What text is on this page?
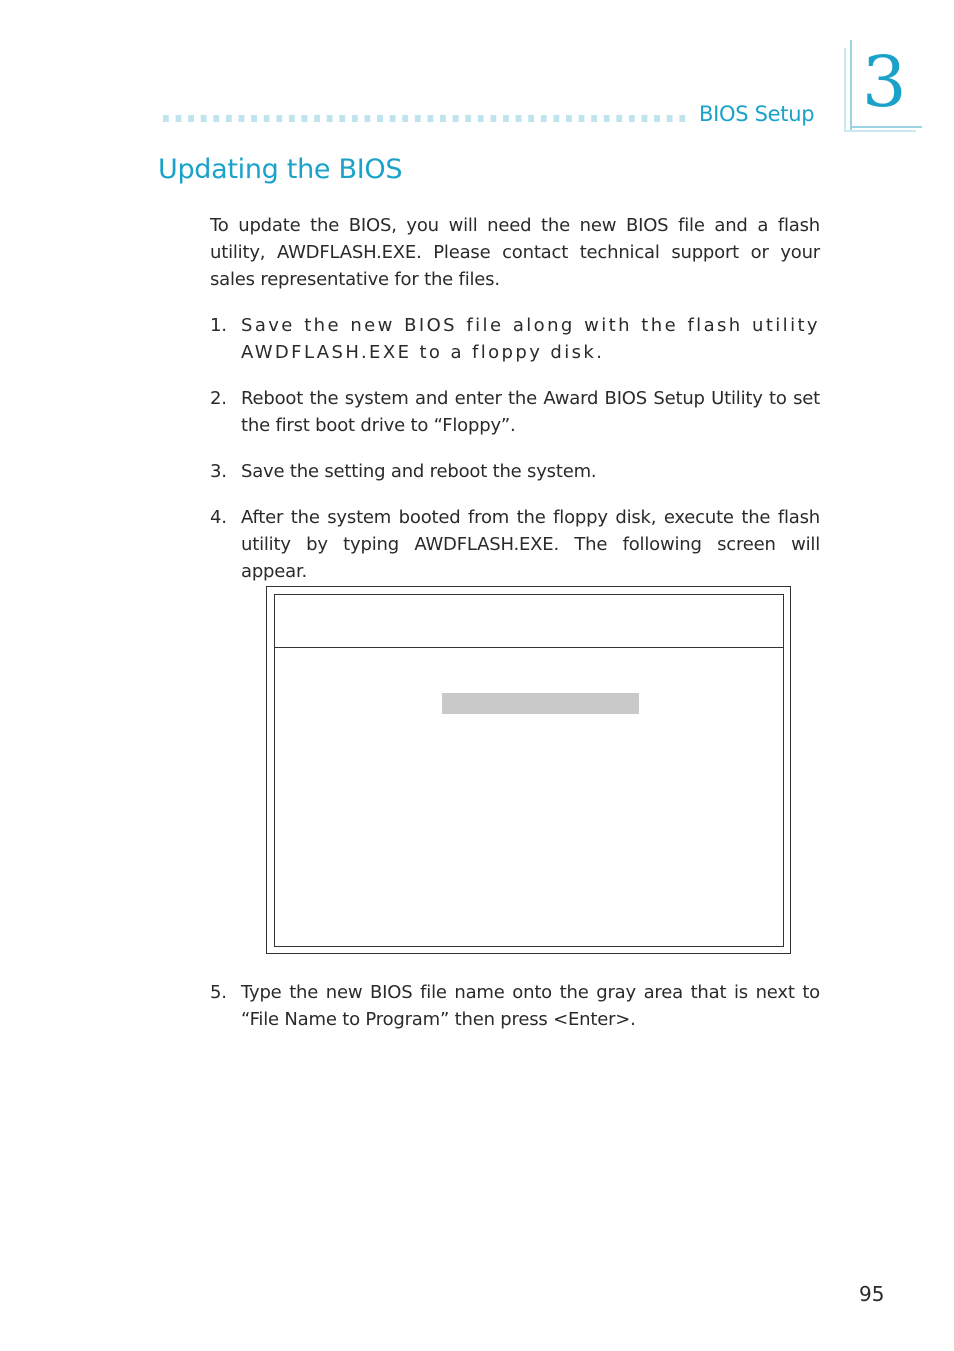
BIOS Setup 3
Updating the BIOS

To update the BIOS, you will need the new BIOS file and a flash utility, AWDFLASH.EXE. Please contact technical support or your sales representative for the files.

1. Save the new BIOS file along with the flash utility AWDFLASH.EXE to a floppy disk.
2. Reboot the system and enter the Award BIOS Setup Utility to set the first boot drive to “Floppy”.
3. Save the setting and reboot the system.
4. After the system booted from the floppy disk, execute the flash utility by typing AWDFLASH.EXE. The following screen will appear.
5. Type the new BIOS file name onto the gray area that is next to “File Name to Program” then press <Enter>.
95
